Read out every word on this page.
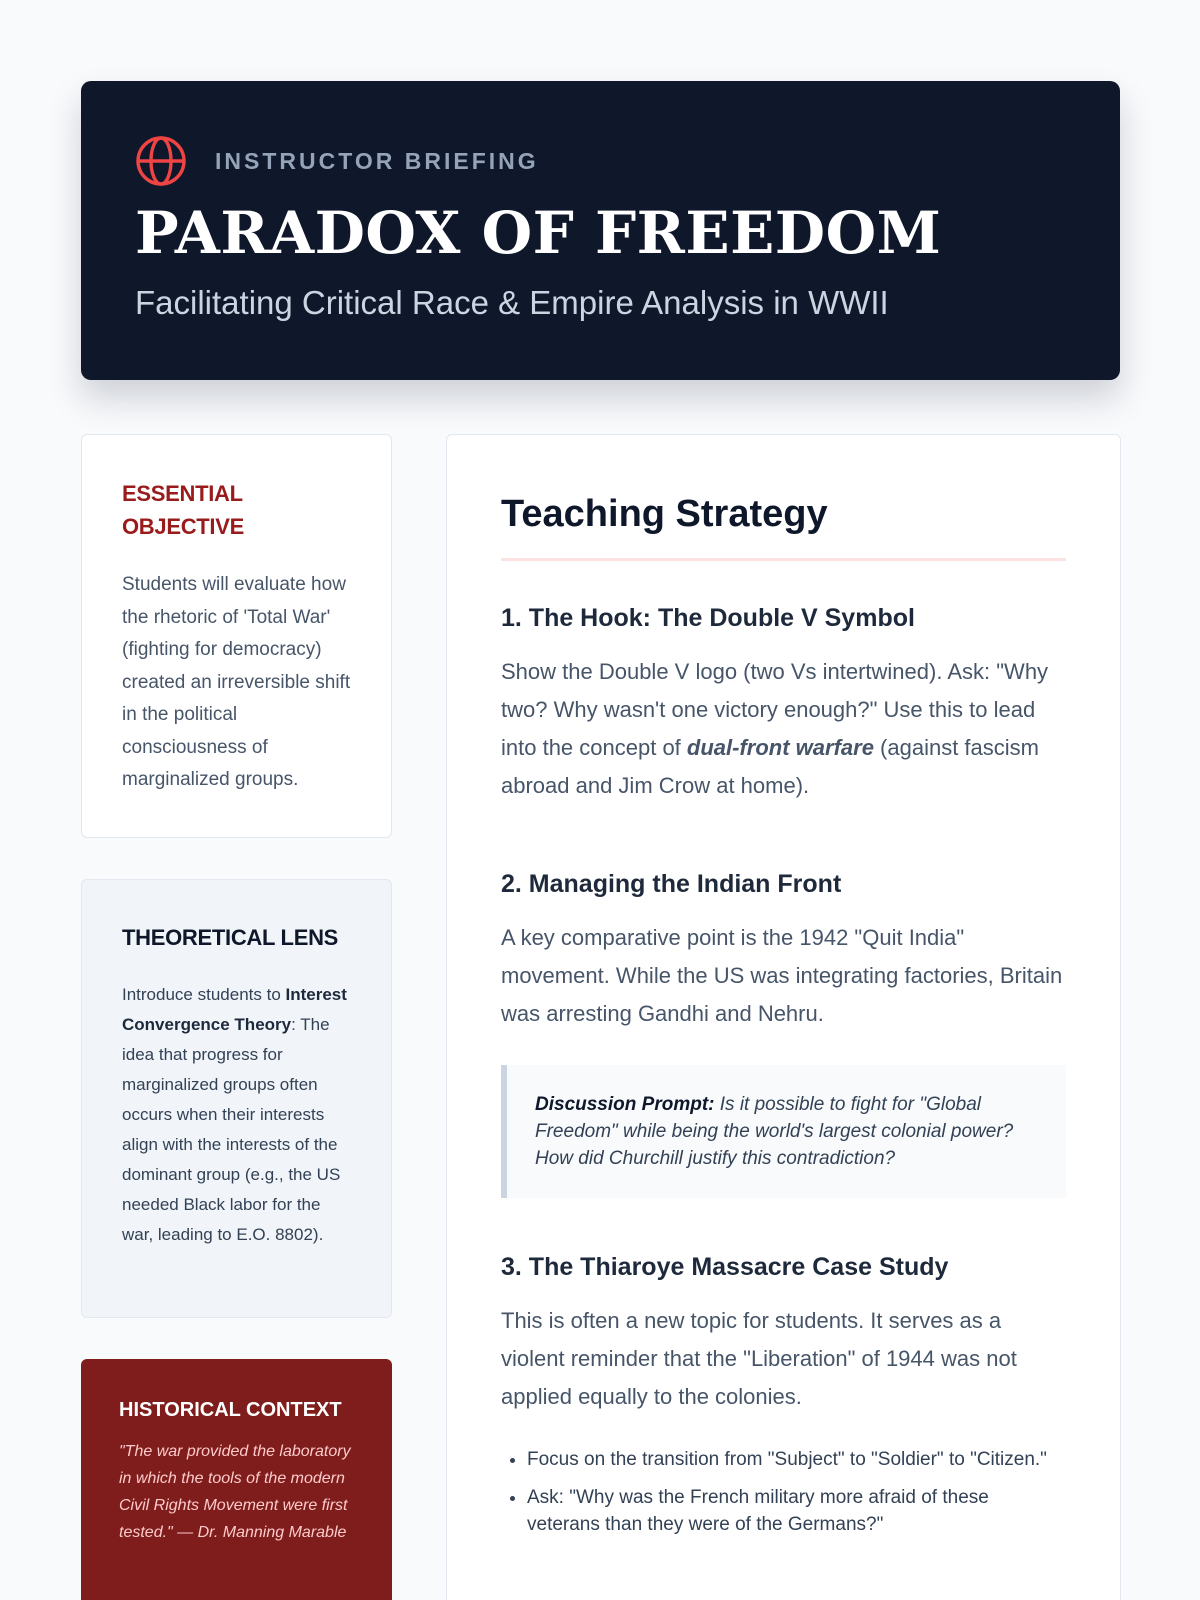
INSTRUCTOR BRIEFING
PARADOX OF FREEDOM
Facilitating Critical Race & Empire Analysis in WWII
ESSENTIAL OBJECTIVE

Students will evaluate how the rhetoric of 'Total War' (fighting for democracy) created an irreversible shift in the political consciousness of marginalized groups.

THEORETICAL LENS

Introduce students to Interest Convergence Theory: The idea that progress for marginalized groups often occurs when their interests align with the interests of the dominant group (e.g., the US needed Black labor for the war, leading to E.O. 8802).

HISTORICAL CONTEXT

"The war provided the laboratory in which the tools of the modern Civil Rights Movement were first tested." — Dr. Manning Marable

Teaching Strategy
1. The Hook: The Double V Symbol

Show the Double V logo (two Vs intertwined). Ask: "Why two? Why wasn't one victory enough?" Use this to lead into the concept of dual-front warfare (against fascism abroad and Jim Crow at home).

2. Managing the Indian Front

A key comparative point is the 1942 "Quit India" movement. While the US was integrating factories, Britain was arresting Gandhi and Nehru.

Discussion Prompt: Is it possible to fight for "Global Freedom" while being the world's largest colonial power? How did Churchill justify this contradiction?
3. The Thiaroye Massacre Case Study

This is often a new topic for students. It serves as a violent reminder that the "Liberation" of 1944 was not applied equally to the colonies.

• Focus on the transition from "Subject" to "Soldier" to "Citizen."
• Ask: "Why was the French military more afraid of these veterans than they were of the Germans?"
